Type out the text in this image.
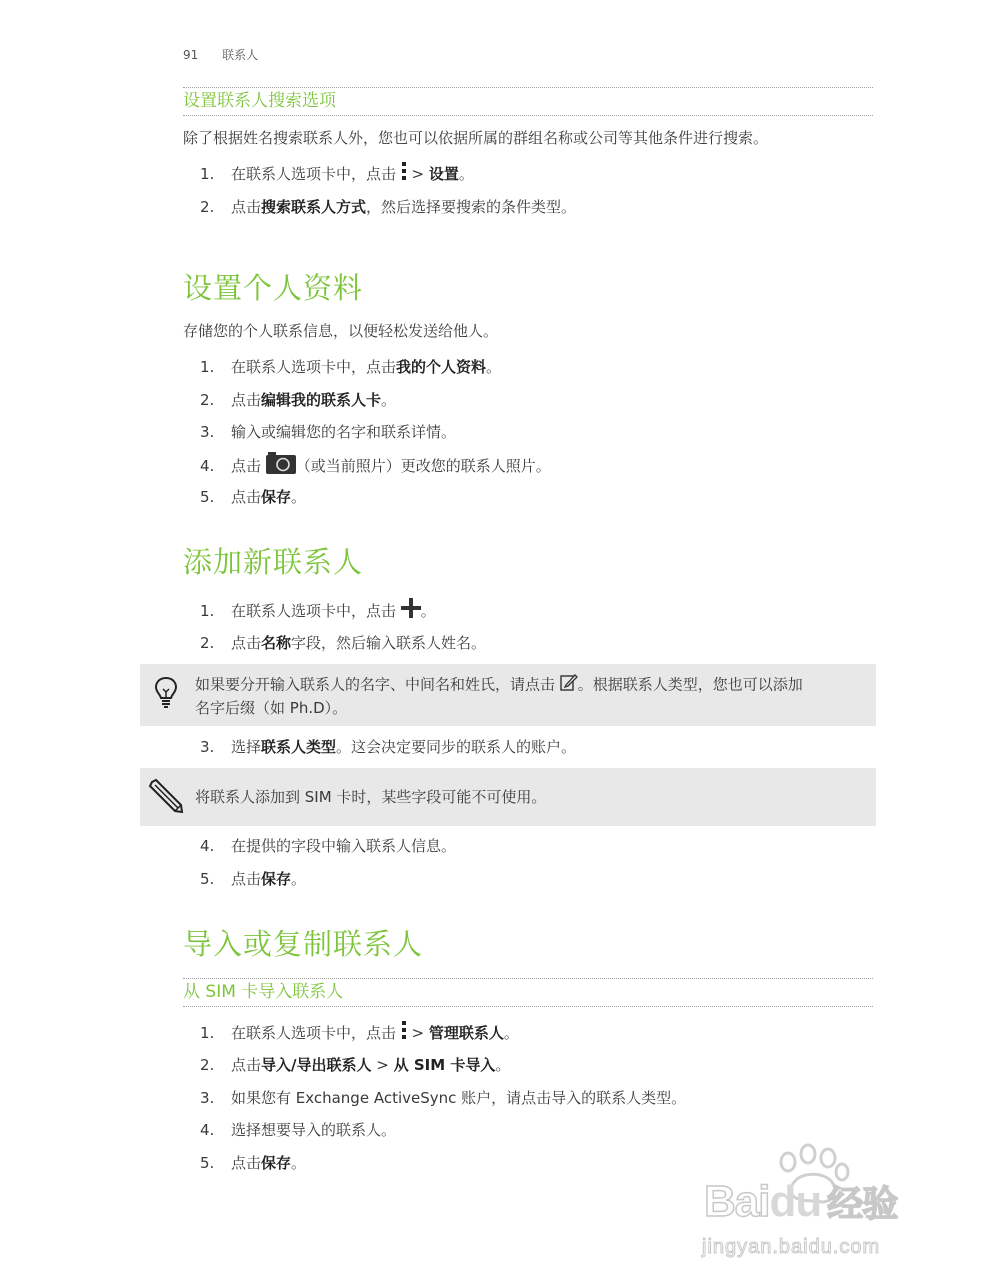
91 联系人
设置联系人搜索选项
除了根据姓名搜索联系人外，您也可以依据所属的群组名称或公司等其他条件进行搜索。
1. 在联系人选项卡中，点击  > 设置。
2. 点击搜索联系人方式，然后选择要搜索的条件类型。
设置个人资料
存储您的个人联系信息，以便轻松发送给他人。
1. 在联系人选项卡中，点击我的个人资料。
2. 点击编辑我的联系人卡。
3. 输入或编辑您的名字和联系详情。
4. 点击 （或当前照片）更改您的联系人照片。
5. 点击保存。
添加新联系人
1. 在联系人选项卡中，点击 。
2. 点击名称字段，然后输入联系人姓名。
如果要分开输入联系人的名字、中间名和姓氏，请点击 。根据联系人类型，您也可以添加
名字后缀（如 Ph.D）。
3. 选择联系人类型。这会决定要同步的联系人的账户。
将联系人添加到 SIM 卡时，某些字段可能不可使用。
4. 在提供的字段中输入联系人信息。
5. 点击保存。
导入或复制联系人
从 SIM 卡导入联系人
1. 在联系人选项卡中，点击  > 管理联系人。
2. 点击导入/导出联系人 > 从 SIM 卡导入。
3. 如果您有 Exchange ActiveSync 账户，请点击导入的联系人类型。
4. 选择想要导入的联系人。
5. 点击保存。
Baidu 经验
jingyan.baidu.com
